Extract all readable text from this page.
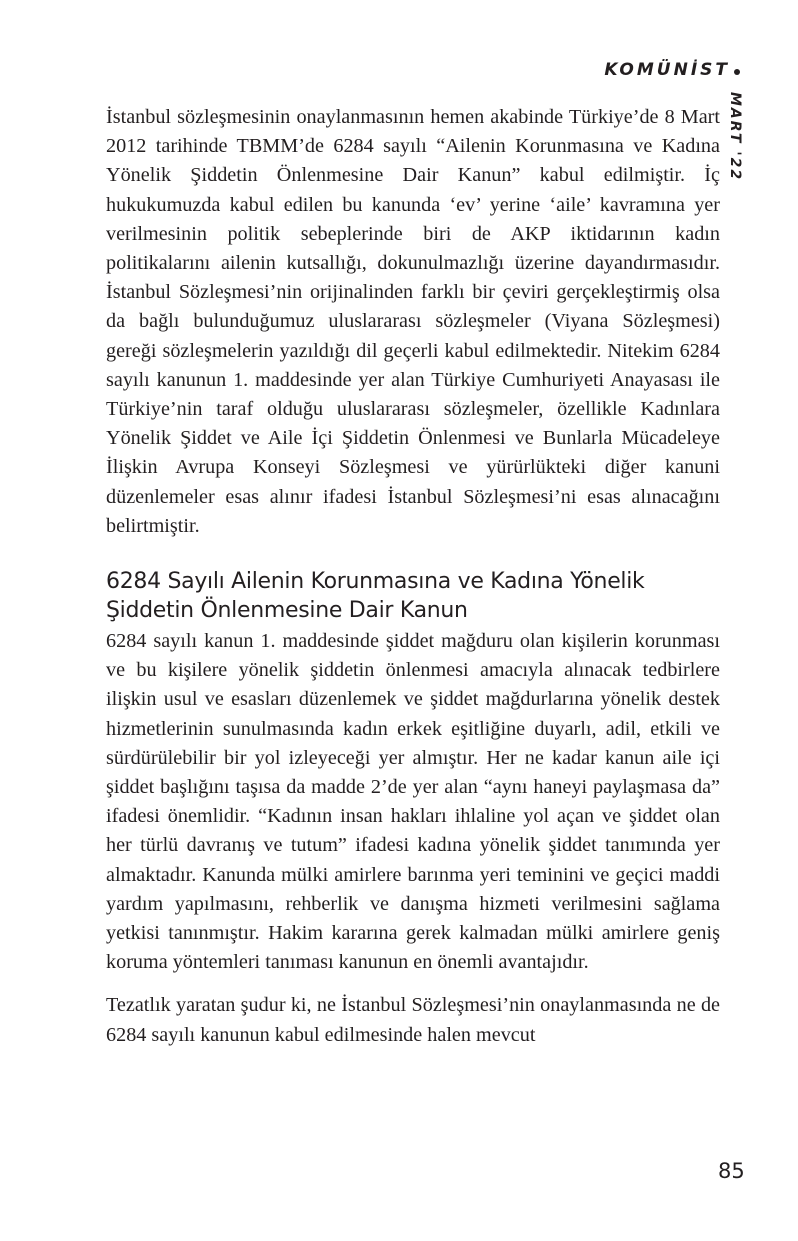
KOMÜNİST
MART '22

İstanbul sözleşmesinin onaylanmasının hemen akabinde Türkiye’de 8 Mart 2012 tarihinde TBMM’de 6284 sayılı “Ailenin Korunmasına ve Kadına Yönelik Şiddetin Önlenmesine Dair Kanun” kabul edilmiştir. İç hukukumuzda kabul edilen bu kanunda ‘ev’ yerine ‘aile’ kavramına yer verilmesinin politik sebeplerinde biri de AKP iktidarının kadın politikalarını ailenin kutsallığı, dokunulmazlığı üzerine dayandırmasıdır. İstanbul Sözleşmesi’nin orijinalinden farklı bir çeviri gerçekleştirmiş olsa da bağlı bulunduğumuz uluslararası sözleşmeler (Viyana Sözleşmesi) gereği sözleşmelerin yazıldığı dil geçerli kabul edilmektedir. Nitekim 6284 sayılı kanunun 1. maddesinde yer alan Türkiye Cumhuriyeti Anayasası ile Türkiye’nin taraf olduğu uluslararası sözleşmeler, özellikle Kadınlara Yönelik Şiddet ve Aile İçi Şiddetin Önlenmesi ve Bunlarla Mücadeleye İlişkin Avrupa Konseyi Sözleşmesi ve yürürlükteki diğer kanuni düzenlemeler esas alınır ifadesi İstanbul Sözleşmesi’ni esas alınacağını belirtmiştir.

6284 Sayılı Ailenin Korunmasına ve Kadına Yönelik Şiddetin Önlenmesine Dair Kanun

6284 sayılı kanun 1. maddesinde şiddet mağduru olan kişilerin korunması ve bu kişilere yönelik şiddetin önlenmesi amacıyla alınacak tedbirlere ilişkin usul ve esasları düzenlemek ve şiddet mağdurlarına yönelik destek hizmetlerinin sunulmasında kadın erkek eşitliğine duyarlı, adil, etkili ve sürdürülebilir bir yol izleyeceği yer almıştır. Her ne kadar kanun aile içi şiddet başlığını taşısa da madde 2’de yer alan “aynı haneyi paylaşmasa da” ifadesi önemlidir. “Kadının insan hakları ihlaline yol açan ve şiddet olan her türlü davranış ve tutum” ifadesi kadına yönelik şiddet tanımında yer almaktadır. Kanunda mülki amirlere barınma yeri teminini ve geçici maddi yardım yapılmasını, rehberlik ve danışma hizmeti verilmesini sağlama yetkisi tanınmıştır. Hakim kararına gerek kalmadan mülki amirlere geniş koruma yöntemleri tanıması kanunun en önemli avantajıdır.

Tezatlık yaratan şudur ki, ne İstanbul Sözleşmesi’nin onaylanmasında ne de 6284 sayılı kanunun kabul edilmesinde halen mevcut

85
